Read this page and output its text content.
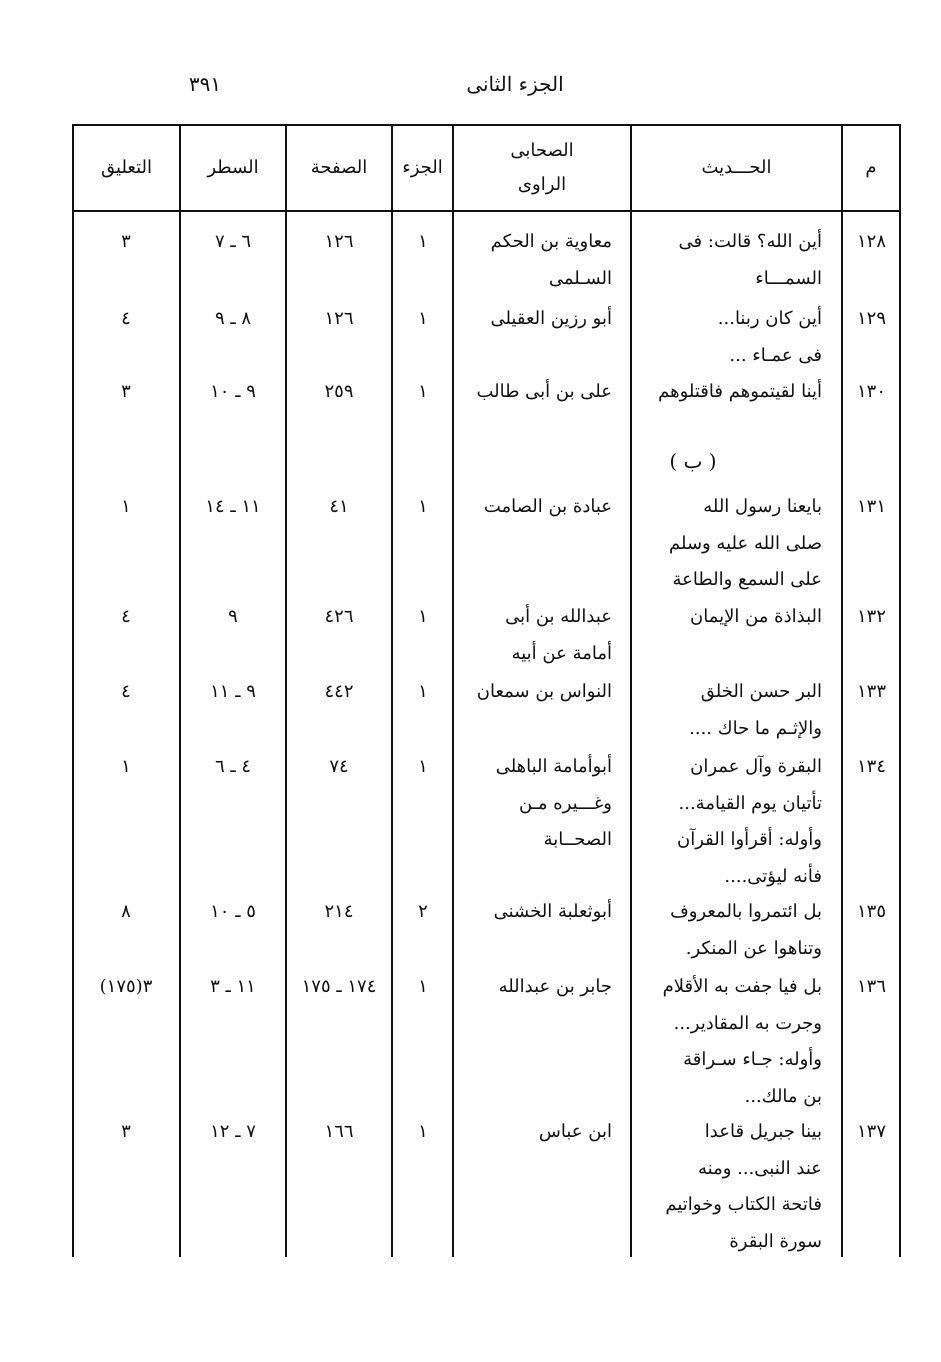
الجزء الثانى
٣٩١
م
الحـــديث
الصحابى
الراوى
الجزء
الصفحة
السطر
التعليق
( ب )
١٢٨
أين الله؟ قالت: فى
السمـــاء
معاوية بن الحكم
السـلمى
١
١٢٦
٦ ـ ٧
٣
١٢٩
أين كان ربنا...
فى عمـاء ...
أبو رزين العقيلى
١
١٢٦
٨ ـ ٩
٤
١٣٠
أينا لقيتموهم فاقتلوهم
على بن أبى طالب
١
٢٥٩
٩ ـ ١٠
٣
١٣١
بايعنا رسول الله
صلى الله عليه وسلم
على السمع والطاعة
عبادة بن الصامت
١
٤١
١١ ـ ١٤
١
١٣٢
البذاذة من الإيمان
عبدالله بن أبى
أمامة عن أبيه
١
٤٢٦
٩
٤
١٣٣
البر حسن الخلق
والإثـم ما حاك ....
النواس بن سمعان
١
٤٤٢
٩ ـ ١١
٤
١٣٤
البقرة وآل عمران
تأتيان يوم القيامة...
وأوله: أقرأوا القرآن
فأنه ليؤتى....
أبوأمامة الباهلى
وغـــيره مـن
الصحــابة
١
٧٤
٤ ـ ٦
١
١٣٥
بل ائتمروا بالمعروف
وتناهوا عن المنكر.
أبوثعلبة الخشنى
٢
٢١٤
٥ ـ ١٠
٨
١٣٦
بل فيا جفت به الأقلام
وجرت به المقادير...
وأوله: جـاء سـراقة
بن مالك...
جابر بن عبدالله
١
١٧٤ ـ ١٧٥
١١ ـ ٣
٣(١٧٥)
١٣٧
بينا جبريل قاعدا
عند النبى... ومنه
فاتحة الكتاب وخواتيم
سورة البقرة
ابن عباس
١
١٦٦
٧ ـ ١٢
٣
